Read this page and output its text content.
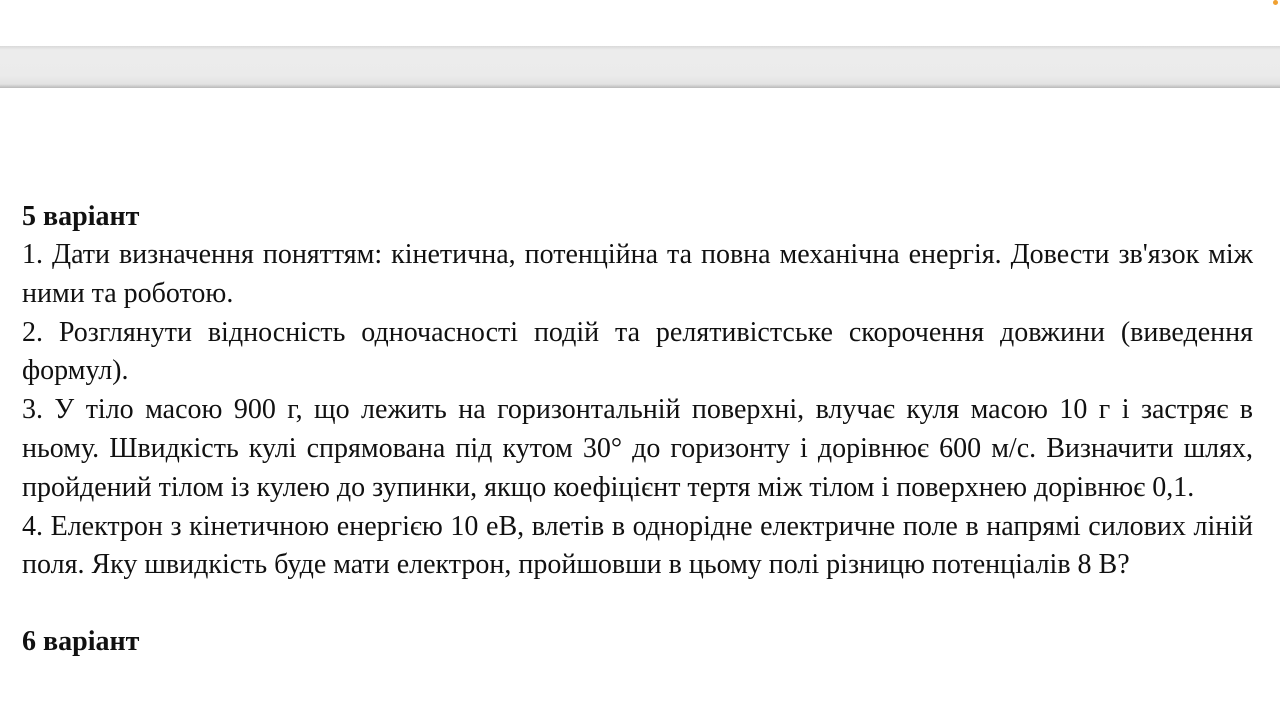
5 варіант

1. Дати визначення поняттям: кінетична, потенційна та повна механічна енергія. Довести зв'язок між ними та роботою.

2. Розглянути відносність одночасності подій та релятивістське скорочення довжини (виведення формул).

3. У тіло масою 900 г, що лежить на горизонтальній поверхні, влучає куля масою 10 г і застряє в ньому. Швидкість кулі спрямована під кутом 30° до горизонту і дорівнює 600 м/с. Визначити шлях, пройдений тілом із кулею до зупинки, якщо коефіцієнт тертя між тілом і поверхнею дорівнює 0,1.

4. Електрон з кінетичною енергією 10 еВ, влетів в однорідне електричне поле в напрямі силових ліній поля. Яку швидкість буде мати електрон, пройшовши в цьому полі різницю потенціалів 8 В?

6 варіант
